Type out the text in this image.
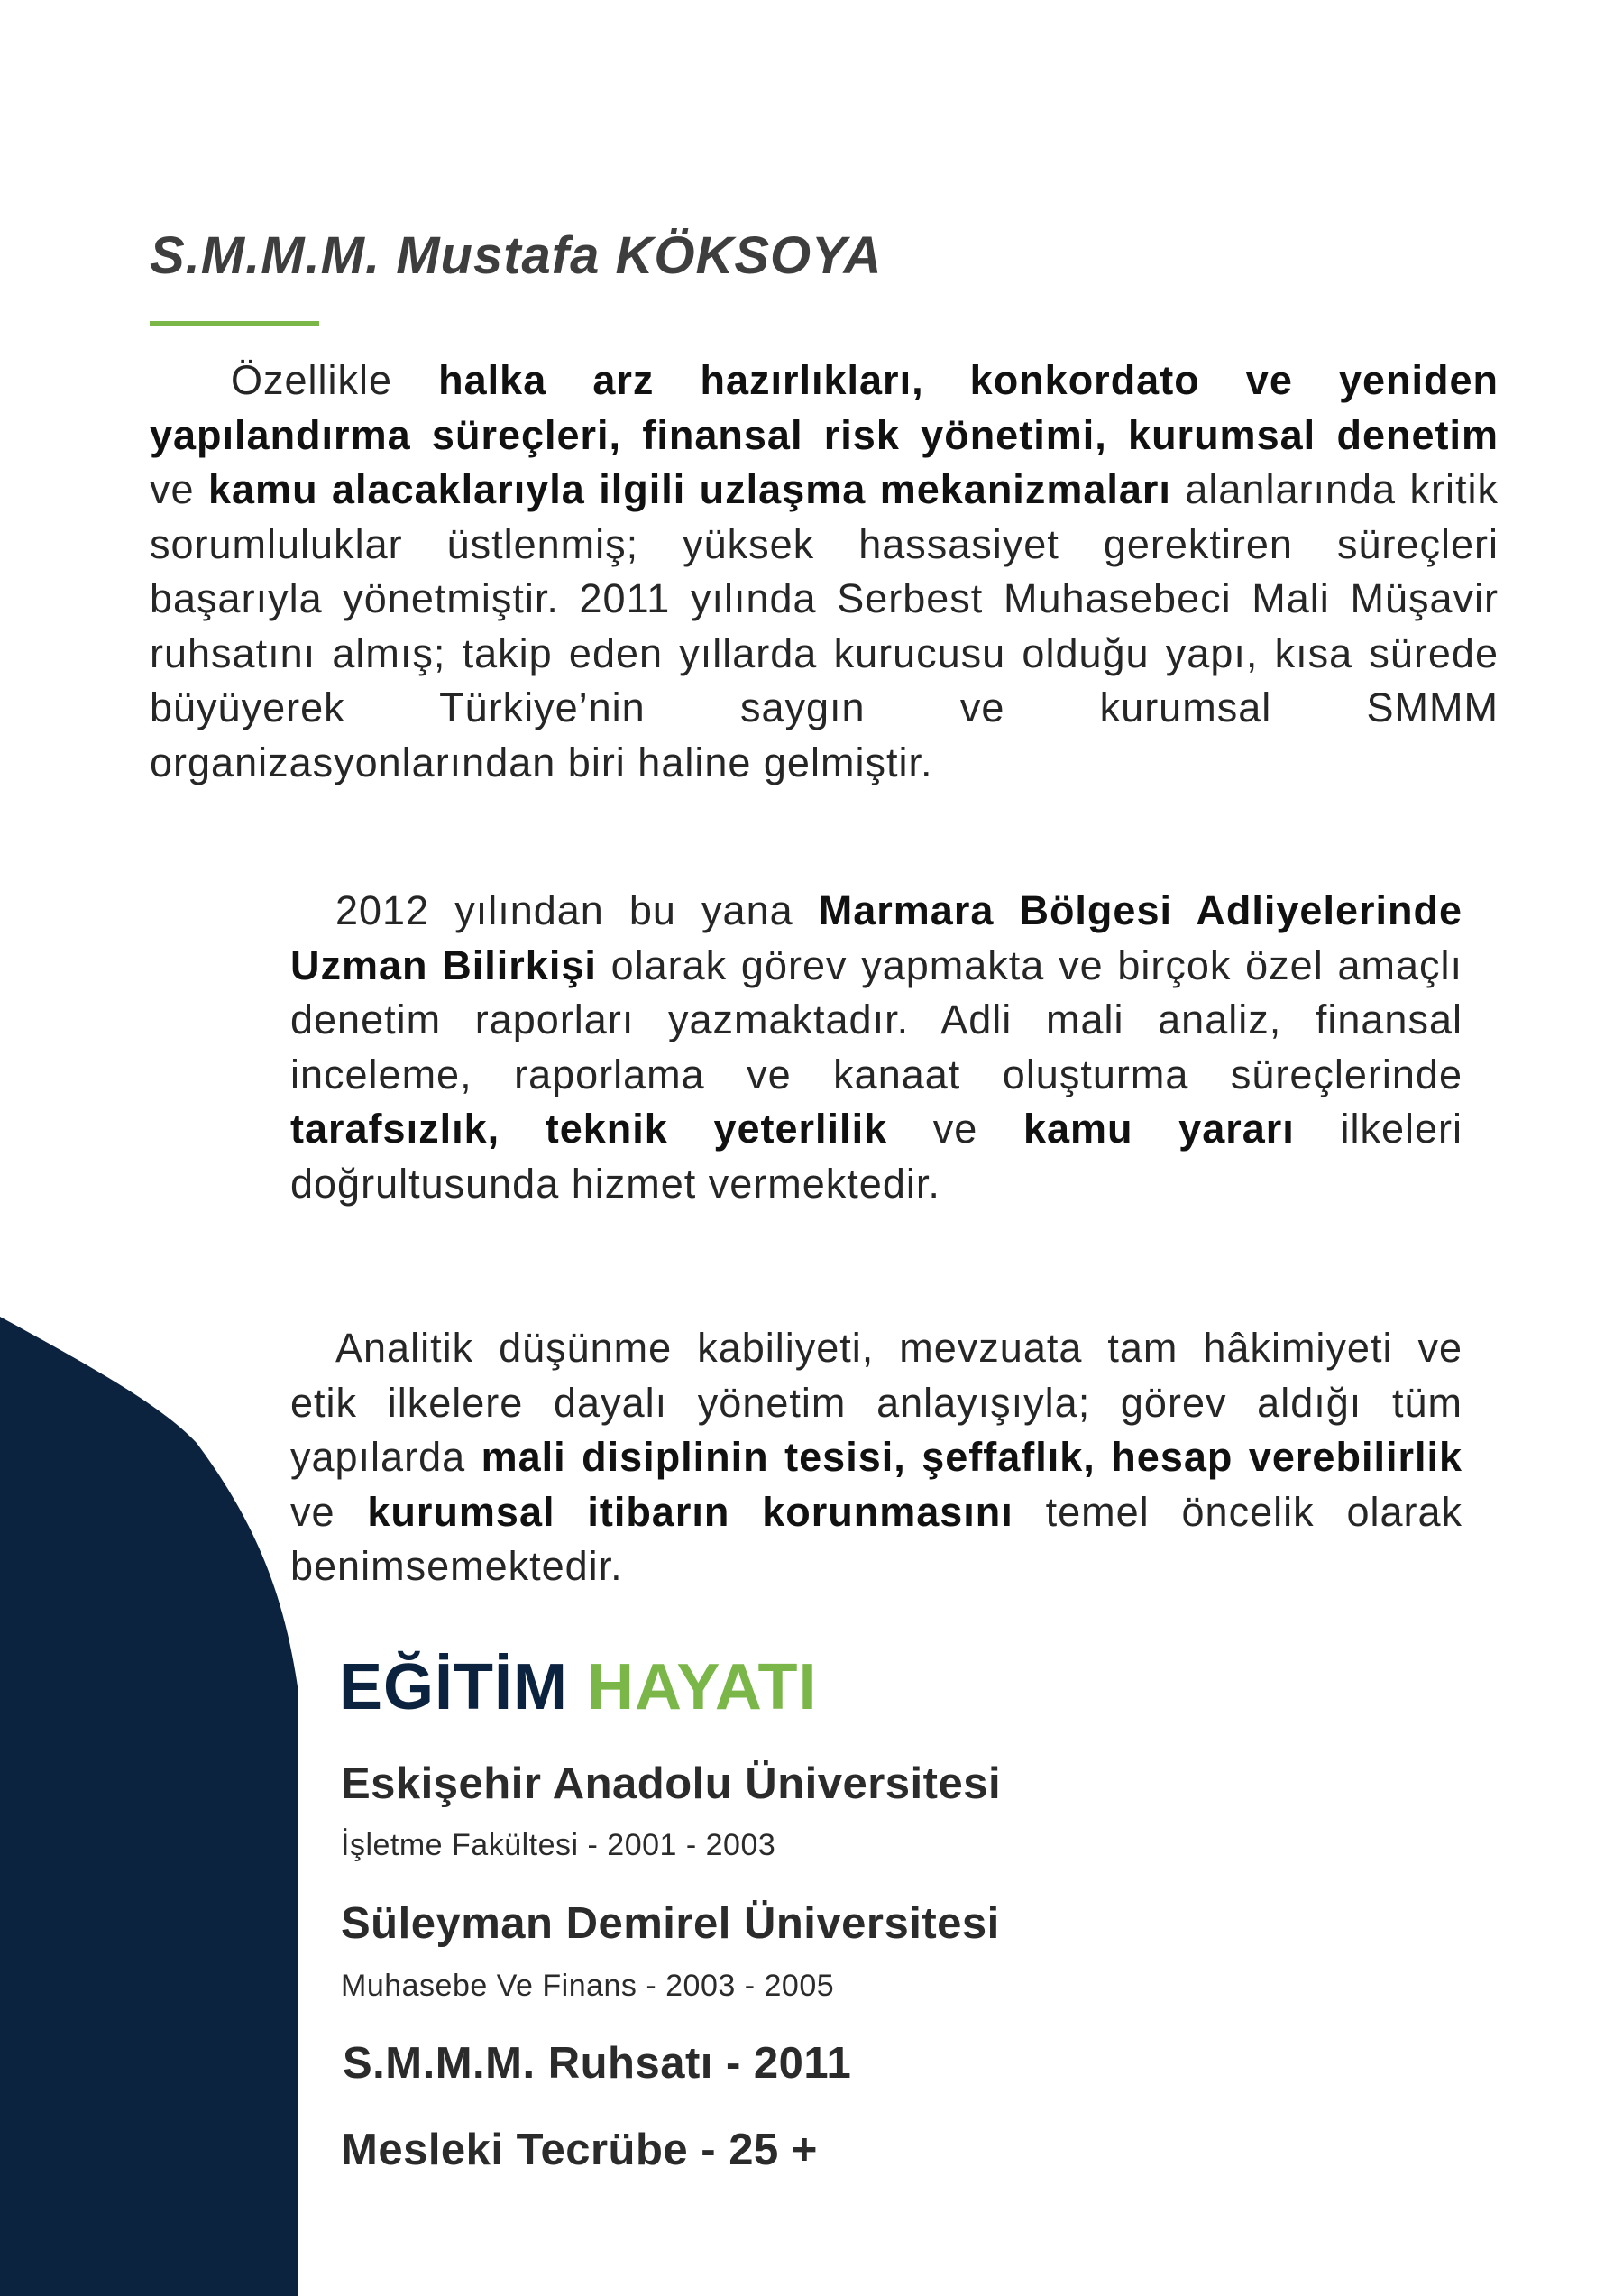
S.M.M.M. Mustafa KÖKSOYA

Özellikle halka arz hazırlıkları, konkordato ve yeniden yapılandırma süreçleri, finansal risk yönetimi, kurumsal denetim ve kamu alacaklarıyla ilgili uzlaşma mekanizmaları alanlarında kritik sorumluluklar üstlenmiş; yüksek hassasiyet gerektiren süreçleri başarıyla yönetmiştir. 2011 yılında Serbest Muhasebeci Mali Müşavir ruhsatını almış; takip eden yıllarda kurucusu olduğu yapı, kısa sürede büyüyerek Türkiye’nin saygın ve kurumsal SMMM organizasyonlarından biri haline gelmiştir.

2012 yılından bu yana Marmara Bölgesi Adliyelerinde Uzman Bilirkişi olarak görev yapmakta ve birçok özel amaçlı denetim raporları yazmaktadır. Adli mali analiz, finansal inceleme, raporlama ve kanaat oluşturma süreçlerinde tarafsızlık, teknik yeterlilik ve kamu yararı ilkeleri doğrultusunda hizmet vermektedir.

Analitik düşünme kabiliyeti, mevzuata tam hâkimiyeti ve etik ilkelere dayalı yönetim anlayışıyla; görev aldığı tüm yapılarda mali disiplinin tesisi, şeffaflık, hesap verebilirlik ve kurumsal itibarın korunmasını temel öncelik olarak benimsemektedir.

EĞİTİM HAYATI
Eskişehir Anadolu Üniversitesi
İşletme Fakültesi - 2001 - 2003
Süleyman Demirel Üniversitesi
Muhasebe Ve Finans - 2003 - 2005
S.M.M.M. Ruhsatı - 2011
Mesleki Tecrübe - 25 +
